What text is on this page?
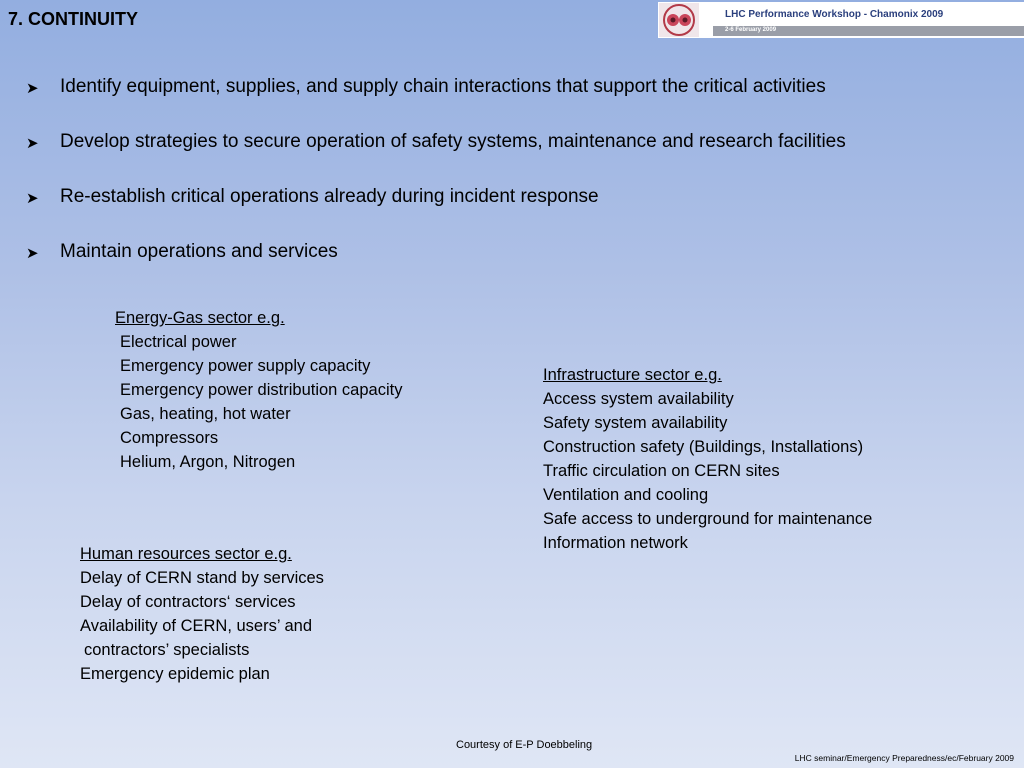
7. CONTINUITY	LHC Performance Workshop - Chamonix 2009
2-6 February 2009
➤	Identify equipment, supplies, and supply chain interactions that support the critical activities
➤	Develop strategies to secure operation of safety systems, maintenance and research facilities
➤	Re-establish critical operations already during incident response
➤	Maintain operations and services
Energy-Gas sector e.g.
Electrical power
Emergency power supply capacity
Emergency power distribution capacity
Gas, heating, hot water
Compressors
Helium, Argon, Nitrogen
Infrastructure sector e.g.
Access system availability
Safety system availability
Construction safety (Buildings, Installations)
Traffic circulation on CERN sites
Ventilation and cooling
Safe access to underground for maintenance
Information network
Human resources sector e.g.
Delay of CERN stand by services
Delay of contractors‘ services
Availability of CERN, users’ and
contractors’ specialists
Emergency epidemic plan
Courtesy of E-P Doebbeling
LHC seminar/Emergency Preparedness/ec/February 2009
